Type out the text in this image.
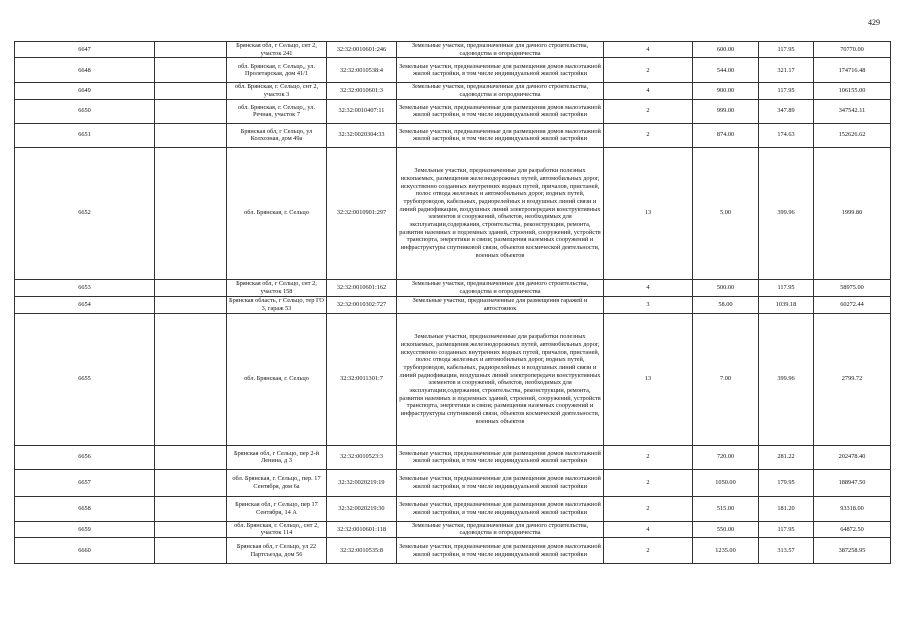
429
6647		Брянская обл, г Сельцо, снт 2, участок 241	32:32:0010601:246	Земельные участки, предназначенные для дачного строительства, садоводства и огородничества	4	600.00	117.95	70770.00
6648		обл. Брянская, г. Сельцо,, ул. Пролетарская, дом 41/1	32:32:0010538:4	Земельные участки, предназначенные для размещения домов малоэтажной жилой застройки, в том числе индивидуальной жилой застройки	2	544.00	321.17	174716.48
6649		обл. Брянская, г. Сельцо, снт 2, участок 3	32:32:0010601:3	Земельные участки, предназначенные для дачного строительства, садоводства и огородничества	4	900.00	117.95	106155.00
6650		обл. Брянская, г. Сельцо,, ул. Речная, участок 7	32:32:0010407:11	Земельные участки, предназначенные для размещения домов малоэтажной жилой застройки, в том числе индивидуальной жилой застройки	2	999.00	347.89	347542.11
6651		Брянская обл, г Сельцо, ул Колхозная, дом 49а	32:32:0020304:33	Земельные участки, предназначенные для размещения домов малоэтажной жилой застройки, в том числе индивидуальной жилой застройки	2	874.00	174.63	152626.62
6652		обл. Брянская, г. Сельцо	32:32:0010901:297	Земельные участки, предназначенные для разработки полезных ископаемых, размещения железнодорожных путей, автомобильных дорог, искусственно созданных внутренних водных путей, причалов, пристаней, полос отвода железных и автомобильных дорог, водных путей, трубопроводов, кабельных, радиорелейных и воздушных линий связи и линий радиофикации, воздушных линий электропередачи конструктивных элементов и сооружений, объектов, необходимых для эксплуатации,содержания, строительства, реконструкции, ремонта, развития наземных и подземных зданий, строений, сооружений, устройств транспорта, энергетики и связи; размещения наземных сооружений и инфраструктуры спутниковой связи, объектов космической деятельности, военных объектов	13	5.00	399.96	1999.80
6653		Брянская обл, г Сельцо, снт 2, участок 158	32:32:0010601:162	Земельные участки, предназначенные для дачного строительства, садоводства и огородничества	4	500.00	117.95	58975.00
6654		Брянская область, г Сельцо, тер ГО 3, гараж 53	32:32:0010302:727	Земельные участки, предназначенные для размещения гаражей и автостоянок	3	58.00	1039.18	60272.44
6655		обл. Брянская, г. Сельцо	32:32:0011301:7	Земельные участки, предназначенные для разработки полезных ископаемых, размещения железнодорожных путей, автомобильных дорог, искусственно созданных внутренних водных путей, причалов, пристаней, полос отвода железных и автомобильных дорог, водных путей, трубопроводов, кабельных, радиорелейных и воздушных линий связи и линий радиофикации, воздушных линий электропередачи конструктивных элементов и сооружений, объектов, необходимых для эксплуатации,содержания, строительства, реконструкции, ремонта, развития наземных и подземных зданий, строений, сооружений, устройств транспорта, энергетики и связи; размещения наземных сооружений и инфраструктуры спутниковой связи, объектов космической деятельности, военных объектов	13	7.00	399.96	2799.72
6656		Брянская обл, г Сельцо, пер 2-й Ленина, д 3	32:32:0010523:3	Земельные участки, предназначенные для размещения домов малоэтажной жилой застройки, в том числе индивидуальной жилой застройки	2	720.00	281.22	202478.40
6657		обл. Брянская, г. Сельцо,, пер. 17 Сентября, дом 6а	32:32:0020219:19	Земельные участки, предназначенные для размещения домов малоэтажной жилой застройки, в том числе индивидуальной жилой застройки	2	1050.00	179.95	188947.50
6658		Брянская обл, г Сельцо, пер 17 Сентября, 14 А	32:32:0020219:30	Земельные участки, предназначенные для размещения домов малоэтажной жилой застройки, в том числе индивидуальной жилой застройки	2	515.00	181.20	93318.00
6659		обл. Брянская, г. Сельцо,, снт 2, участок 114	32:32:0010601:118	Земельные участки, предназначенные для дачного строительства, садоводства и огородничества	4	550.00	117.95	64872.50
6660		Брянская обл, г Сельцо, ул 22 Партсъезда, дом 56	32:32:0010535:8	Земельные участки, предназначенные для размещения домов малоэтажной жилой застройки, в том числе индивидуальной жилой застройки	2	1235.00	313.57	387258.95
